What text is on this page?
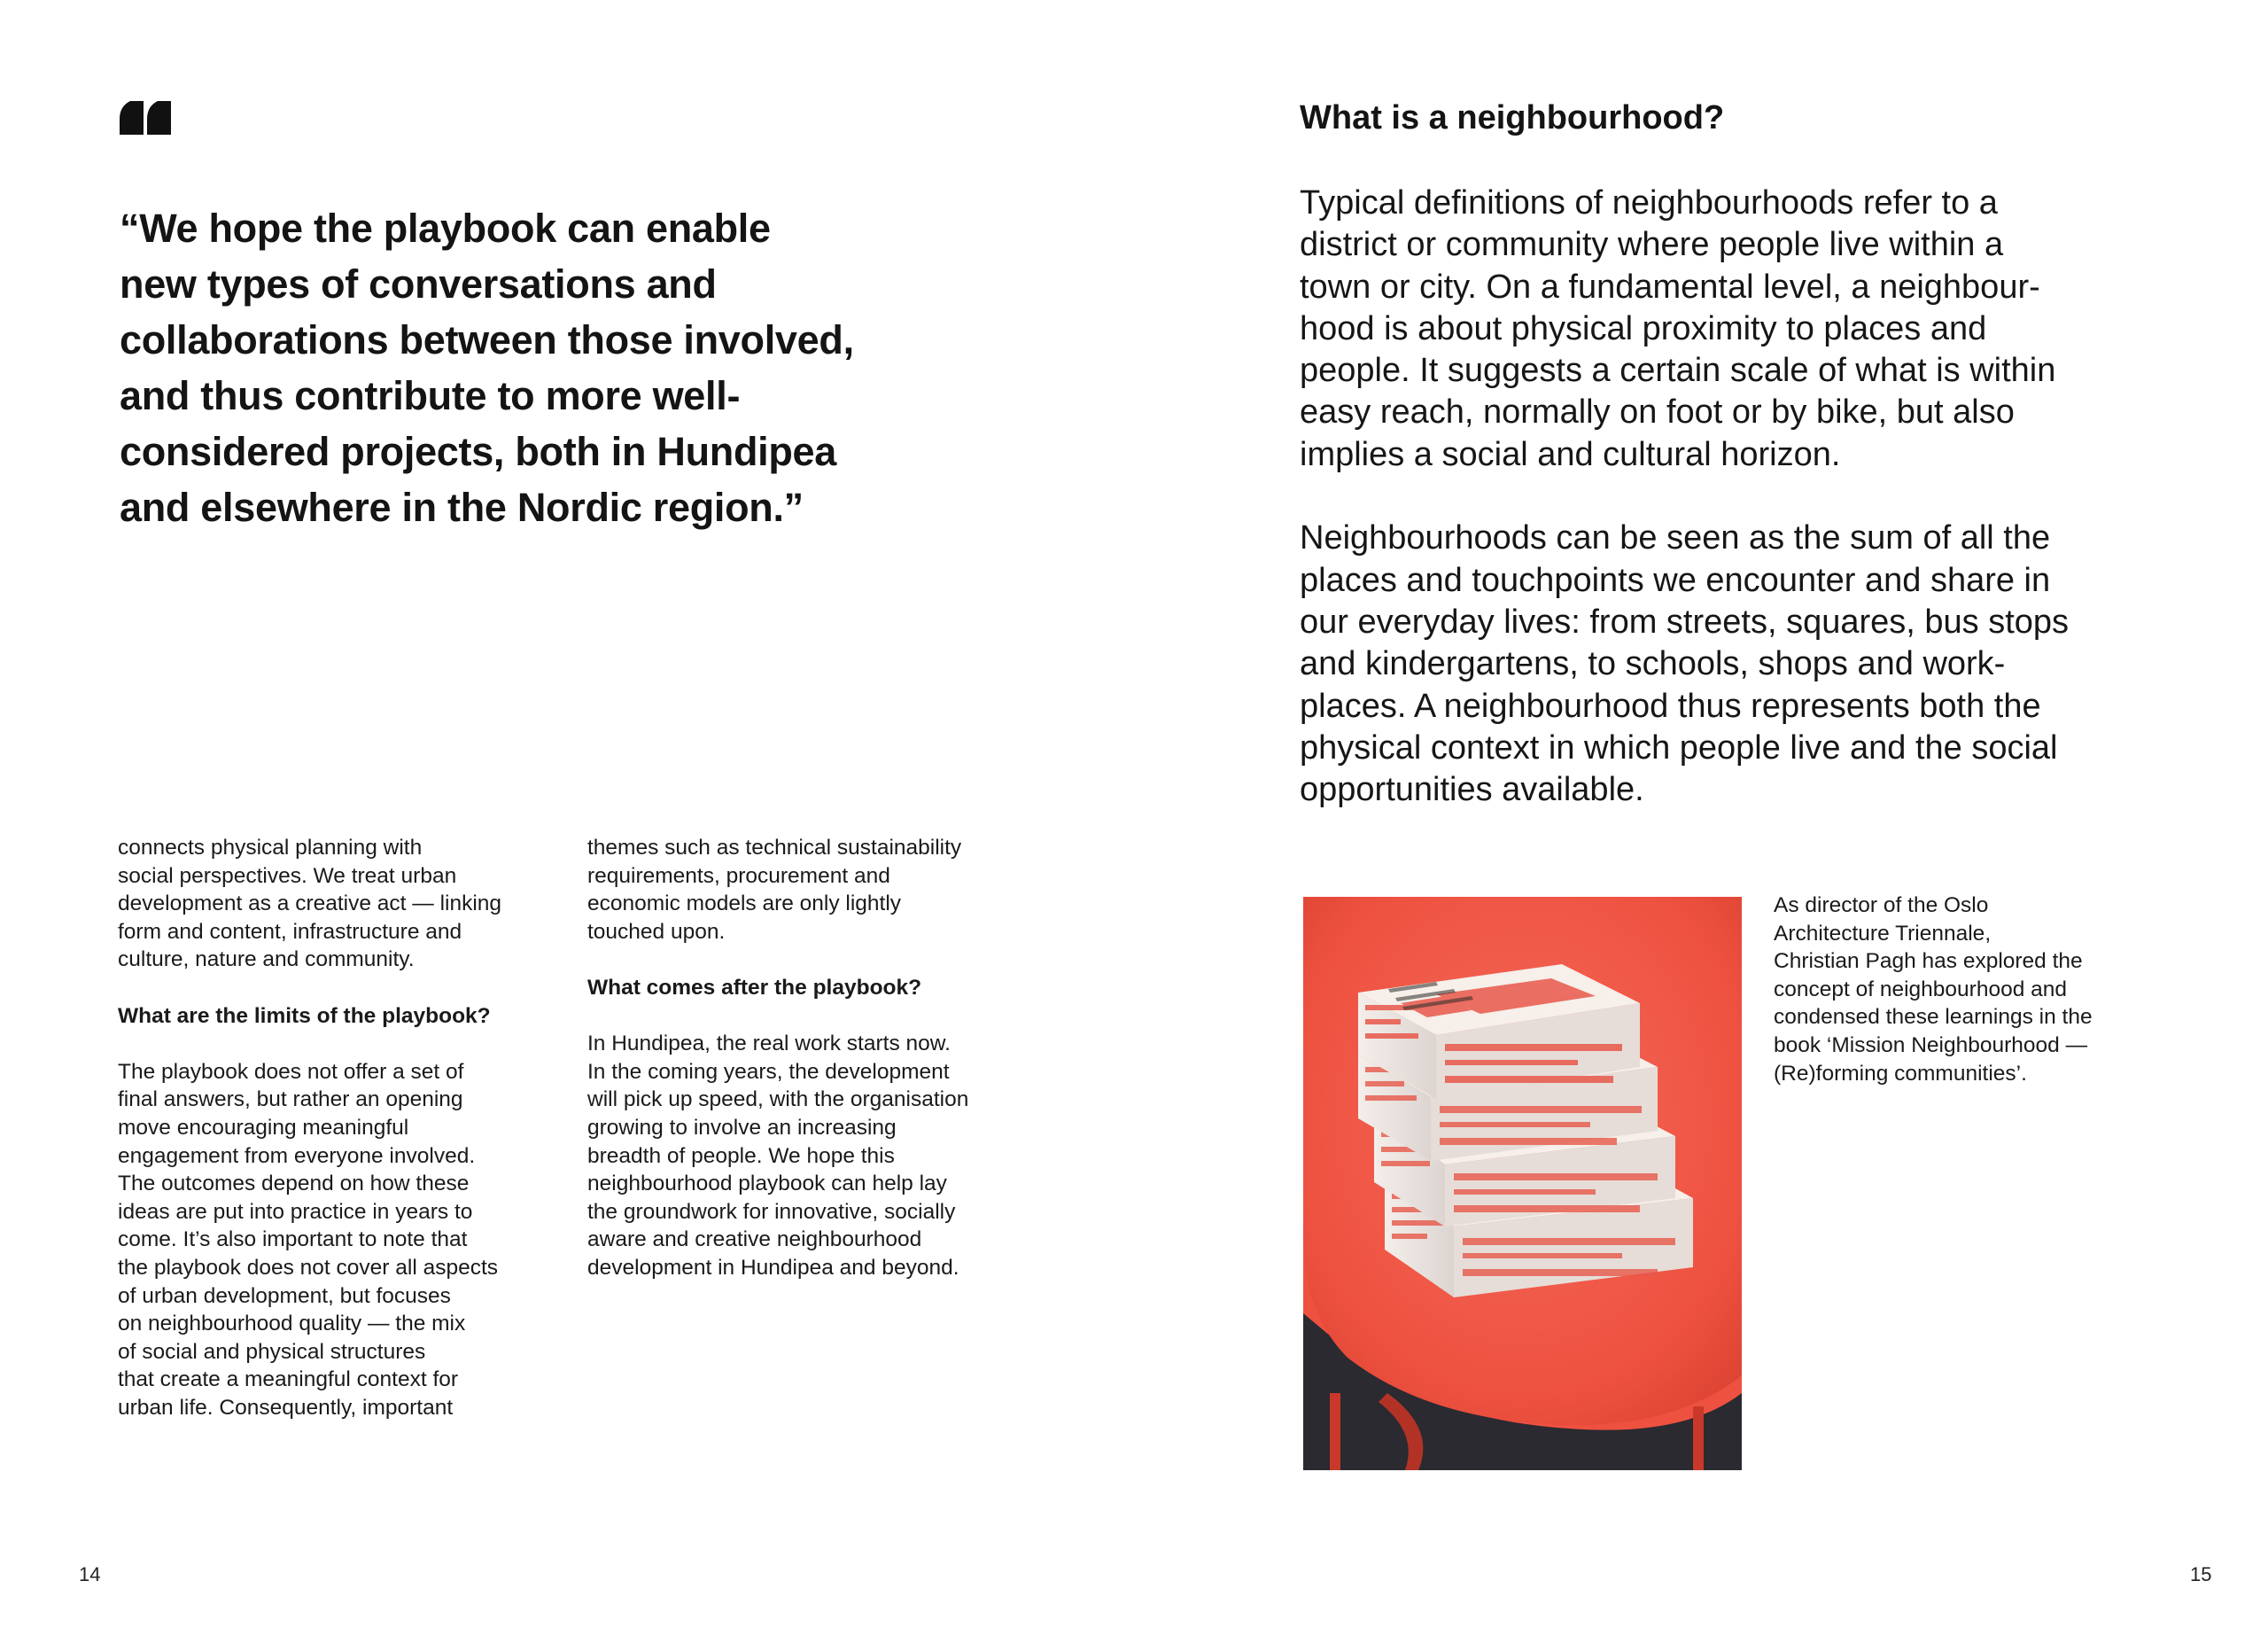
“We hope the playbook can enable
new types of conversations and
collaborations between those involved,
and thus contribute to more well-
considered projects, both in Hundipea
and elsewhere in the Nordic region.”
connects physical planning with
social perspectives. We treat urban
development as a creative act — linking
form and content, infrastructure and
culture, nature and community.
What are the limits of the playbook?
The playbook does not offer a set of
final answers, but rather an opening
move encouraging meaningful
engagement from everyone involved.
The outcomes depend on how these
ideas are put into practice in years to
come. It’s also important to note that
the playbook does not cover all aspects
of urban development, but focuses
on neighbourhood quality — the mix
of social and physical structures
that create a meaningful context for
urban life. Consequently, important
themes such as technical sustainability
requirements, procurement and
economic models are only lightly
touched upon.
What comes after the playbook?
In Hundipea, the real work starts now.
In the coming years, the development
will pick up speed, with the organisation
growing to involve an increasing
breadth of people. We hope this
neighbourhood playbook can help lay
the groundwork for innovative, socially
aware and creative neighbourhood
development in Hundipea and beyond.
14
What is a neighbourhood?
Typical definitions of neighbourhoods refer to a
district or community where people live within a
town or city. On a fundamental level, a neighbour-
hood is about physical proximity to places and
people. It suggests a certain scale of what is within
easy reach, normally on foot or by bike, but also
implies a social and cultural horizon.
Neighbourhoods can be seen as the sum of all the
places and touchpoints we encounter and share in
our everyday lives: from streets, squares, bus stops
and kindergartens, to schools, shops and work-
places. A neighbourhood thus represents both the
physical context in which people live and the social
opportunities available.
As director of the Oslo
Architecture Triennale,
Christian Pagh has explored the
concept of neighbourhood and
condensed these learnings in the
book ‘Mission Neighbourhood —
(Re)forming communities’.
15
